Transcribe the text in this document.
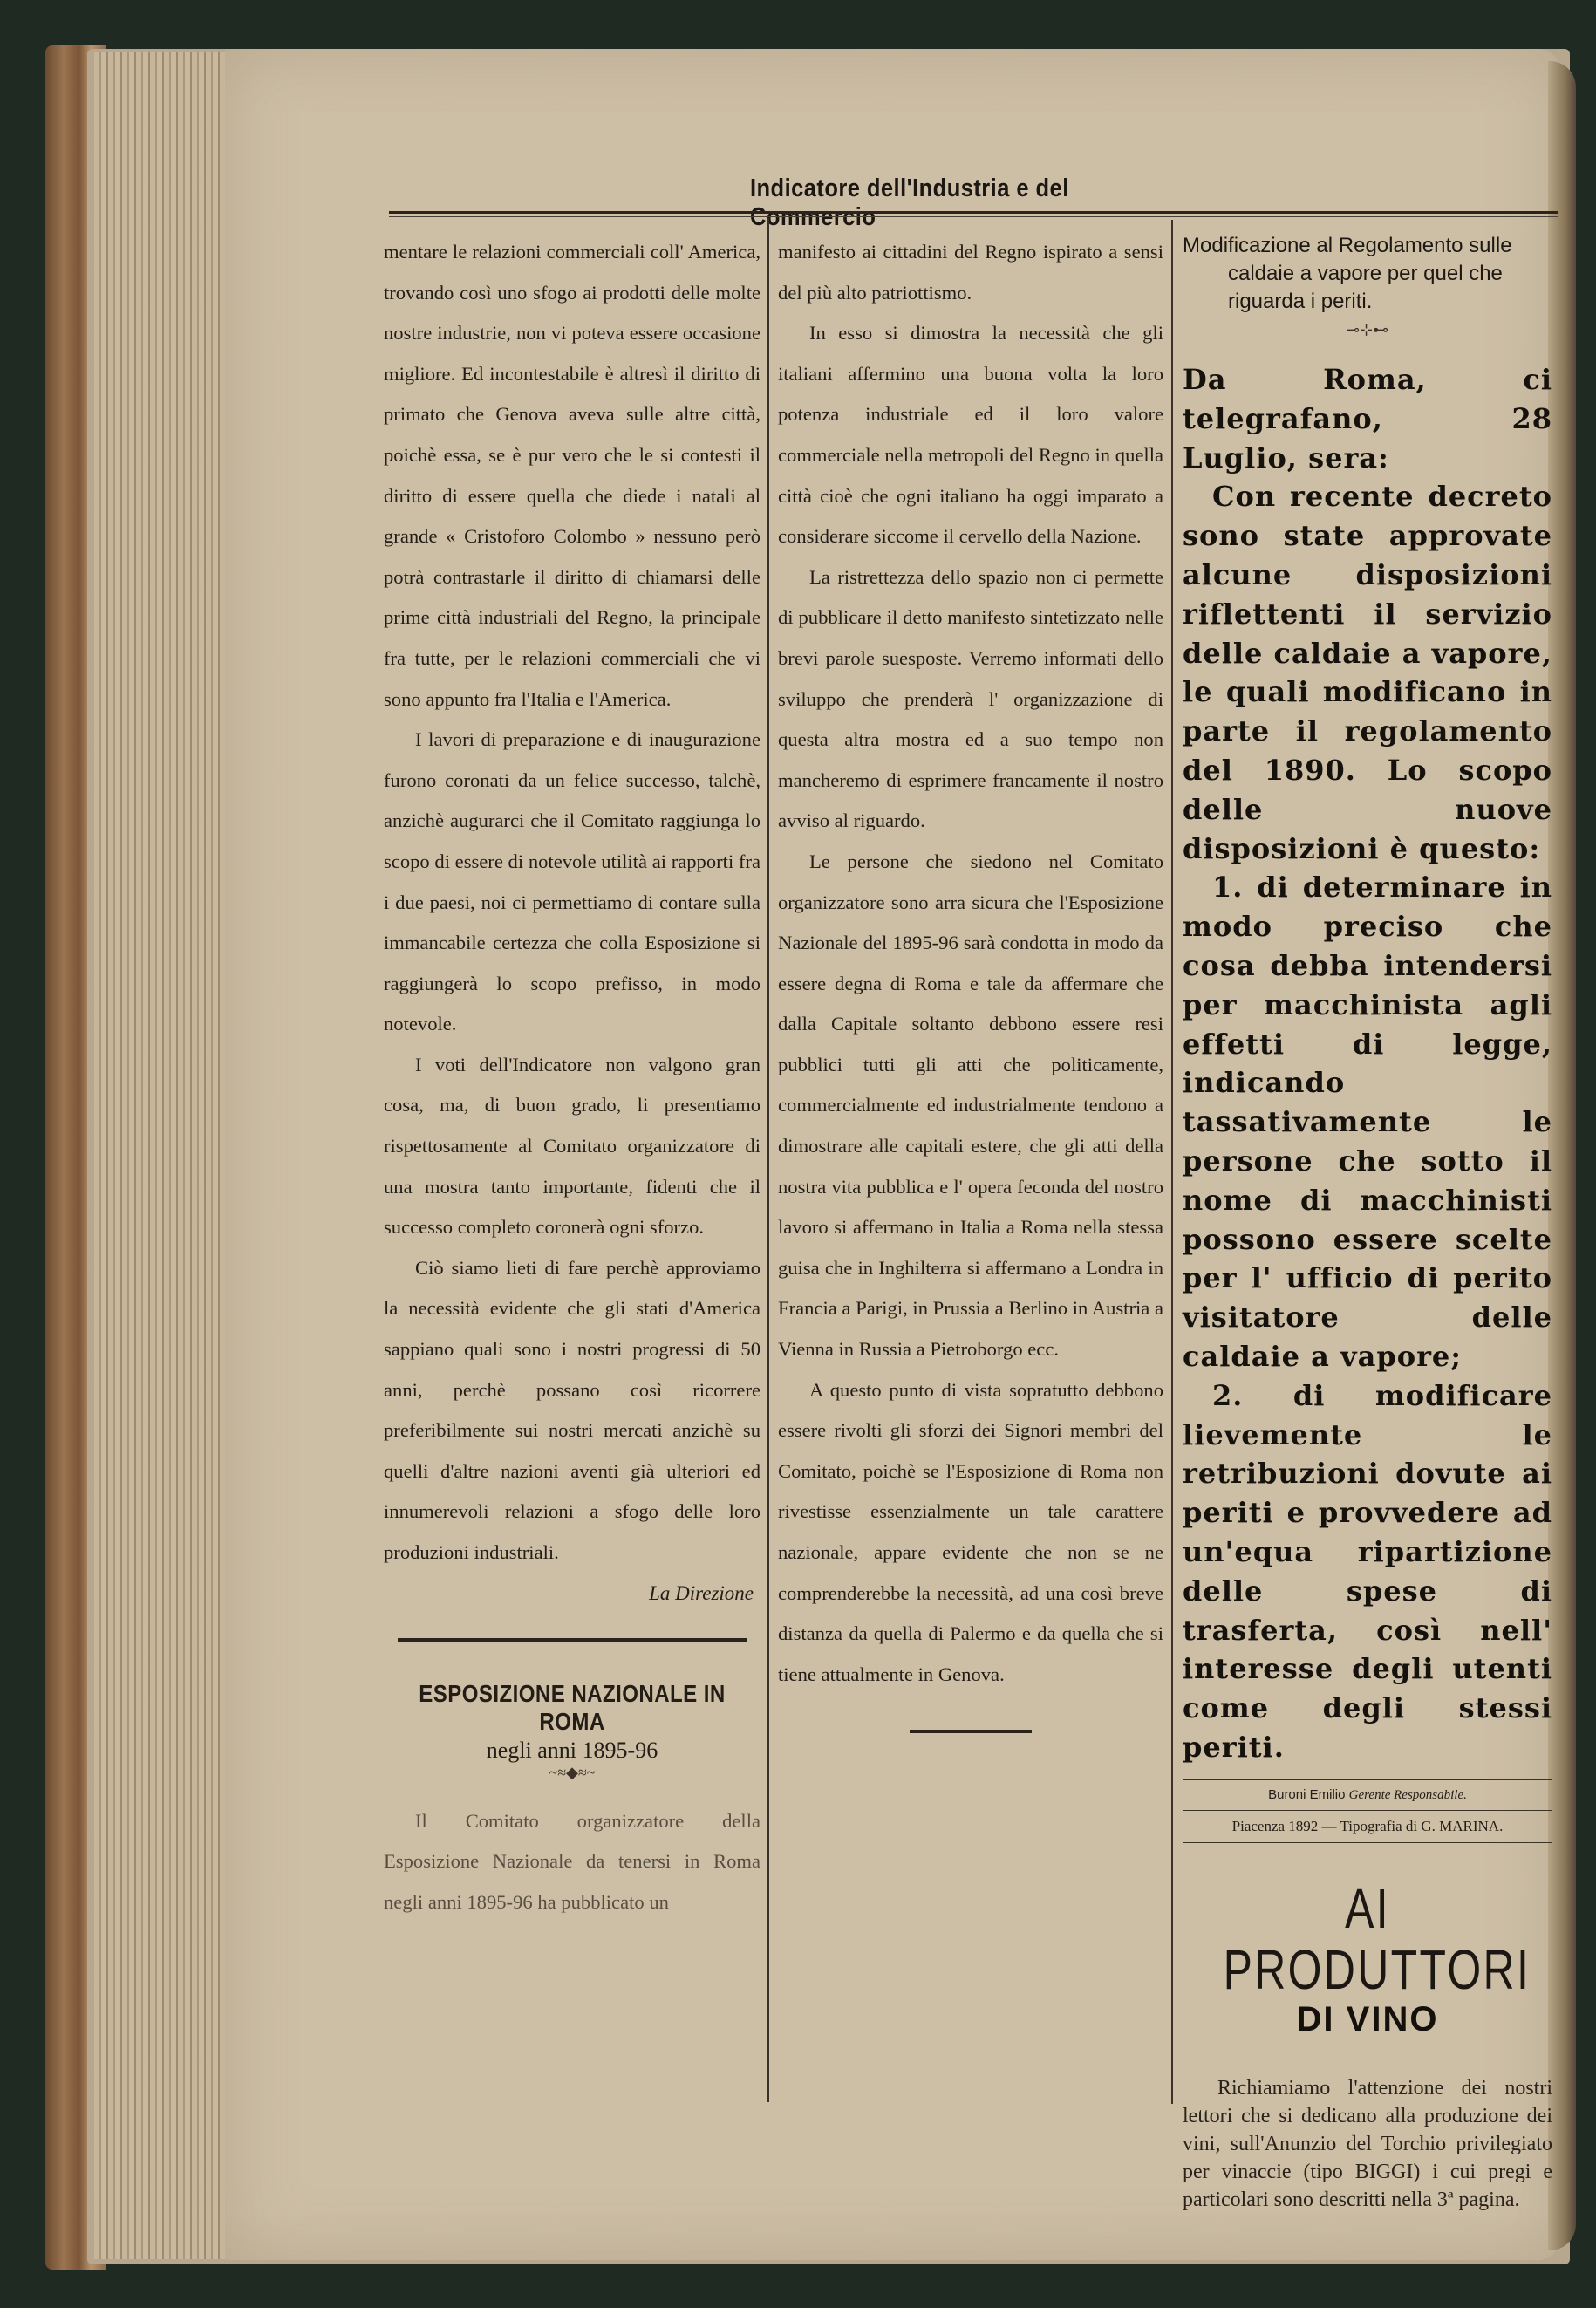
Indicatore dell'Industria e del Commercio

mentare le relazioni commerciali coll' America, trovando così uno sfogo ai prodotti delle molte nostre industrie, non vi poteva essere occasione migliore. Ed incontestabile è altresì il diritto di primato che Genova aveva sulle altre città, poichè essa, se è pur vero che le si contesti il diritto di essere quella che diede i natali al grande « Cristoforo Colombo » nessuno però potrà contrastarle il diritto di chiamarsi delle prime città industriali del Regno, la principale fra tutte, per le relazioni commerciali che vi sono appunto fra l'Italia e l'America.

I lavori di preparazione e di inaugurazione furono coronati da un felice successo, talchè, anzichè augurarci che il Comitato raggiunga lo scopo di essere di notevole utilità ai rapporti fra i due paesi, noi ci permettiamo di contare sulla immancabile certezza che colla Esposizione si raggiungerà lo scopo prefisso, in modo notevole.

I voti dell'Indicatore non valgono gran cosa, ma, di buon grado, li presentiamo rispettosamente al Comitato organizzatore di una mostra tanto importante, fidenti che il successo completo coronerà ogni sforzo.

Ciò siamo lieti di fare perchè approviamo la necessità evidente che gli stati d'America sappiano quali sono i nostri progressi di 50 anni, perchè possano così ricorrere preferibilmente sui nostri mercati anzichè su quelli d'altre nazioni aventi già ulteriori ed innumerevoli relazioni a sfogo delle loro produzioni industriali.

La Direzione

ESPOSIZIONE NAZIONALE IN ROMA

negli anni 1895-96

~≈◆≈~

Il Comitato organizzatore della Esposizione Nazionale da tenersi in Roma negli anni 1895-96 ha pubblicato un

manifesto ai cittadini del Regno ispirato a sensi del più alto patriottismo.

In esso si dimostra la necessità che gli italiani affermino una buona volta la loro potenza industriale ed il loro valore commerciale nella metropoli del Regno in quella città cioè che ogni italiano ha oggi imparato a considerare siccome il cervello della Nazione.

La ristrettezza dello spazio non ci permette di pubblicare il detto manifesto sintetizzato nelle brevi parole suesposte. Verremo informati dello sviluppo che prenderà l' organizzazione di questa altra mostra ed a suo tempo non mancheremo di esprimere francamente il nostro avviso al riguardo.

Le persone che siedono nel Comitato organizzatore sono arra sicura che l'Esposizione Nazionale del 1895-96 sarà condotta in modo da essere degna di Roma e tale da affermare che dalla Capitale soltanto debbono essere resi pubblici tutti gli atti che politicamente, commercialmente ed industrialmente tendono a dimostrare alle capitali estere, che gli atti della nostra vita pubblica e l' opera feconda del nostro lavoro si affermano in Italia a Roma nella stessa guisa che in Inghilterra si affermano a Londra in Francia a Parigi, in Prussia a Berlino in Austria a Vienna in Russia a Pietroborgo ecc.

A questo punto di vista sopratutto debbono essere rivolti gli sforzi dei Signori membri del Comitato, poichè se l'Esposizione di Roma non rivestisse essenzialmente un tale carattere nazionale, appare evidente che non se ne comprenderebbe la necessità, ad una così breve distanza da quella di Palermo e da quella che si tiene attualmente in Genova.

Modificazione al Regolamento sulle
caldaie a vapore per quel che
riguarda i periti.

⊸⊹⊷

Da Roma, ci telegrafano, 28 Luglio, sera:

Con recente decreto sono state approvate alcune disposizioni riflettenti il servizio delle caldaie a vapore, le quali modificano in parte il regolamento del 1890. Lo scopo delle nuove disposizioni è questo:

1. di determinare in modo preciso che cosa debba intendersi per macchinista agli effetti di legge, indicando tassativamente le persone che sotto il nome di macchinisti possono essere scelte per l' ufficio di perito visitatore delle caldaie a vapore;

2. di modificare lievemente le retribuzioni dovute ai periti e provvedere ad un'equa ripartizione delle spese di trasferta, così nell' interesse degli utenti come degli stessi periti.

Buroni Emilio Gerente Responsabile.

Piacenza 1892 — Tipografia di G. MARINA.

AI PRODUTTORI

DI VINO

Richiamiamo l'attenzione dei nostri lettori che si dedicano alla produzione dei vini, sull'Anunzio del Torchio privilegiato per vinaccie (tipo BIGGI) i cui pregi e particolari sono descritti nella 3ª pagina.
